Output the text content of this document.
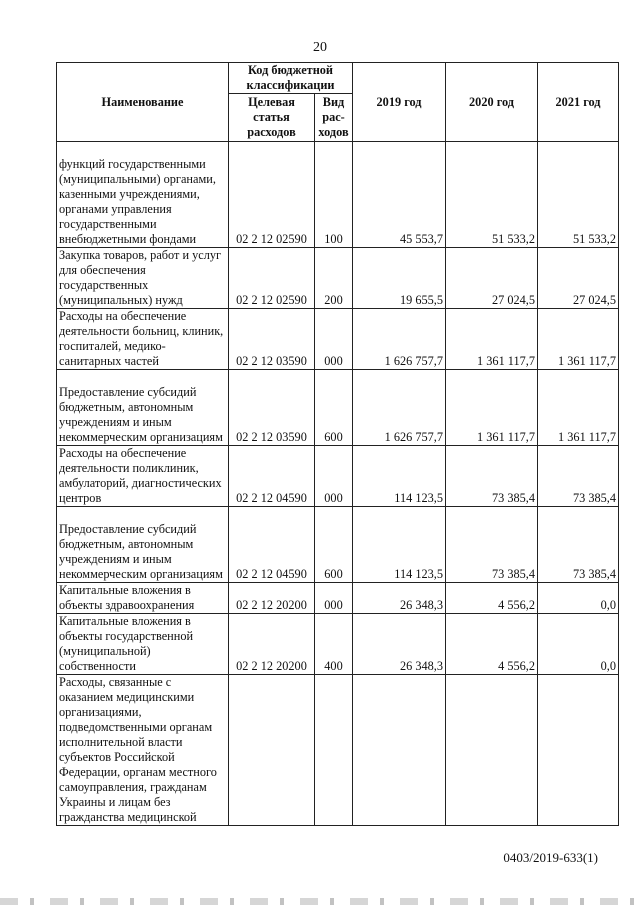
20
Наименование	Код бюджетной классификации		2019 год	2020 год	2021 год
	Целевая статья расходов	Вид рас-ходов			
функций государственными (муниципальными) органами, казенными учреждениями, органами управления государственными внебюджетными фондами	02 2 12 02590	100	45 553,7	51 533,2	51 533,2
Закупка товаров, работ и услуг для обеспечения государственных (муниципальных) нужд	02 2 12 02590	200	19 655,5	27 024,5	27 024,5
Расходы на обеспечение деятельности больниц, клиник, госпиталей, медико-санитарных частей	02 2 12 03590	000	1 626 757,7	1 361 117,7	1 361 117,7
Предоставление субсидий бюджетным, автономным учреждениям и иным некоммерческим организациям	02 2 12 03590	600	1 626 757,7	1 361 117,7	1 361 117,7
Расходы на обеспечение деятельности поликлиник, амбулаторий, диагностических центров	02 2 12 04590	000	114 123,5	73 385,4	73 385,4
Предоставление субсидий бюджетным, автономным учреждениям и иным некоммерческим организациям	02 2 12 04590	600	114 123,5	73 385,4	73 385,4
Капитальные вложения в объекты здравоохранения	02 2 12 20200	000	26 348,3	4 556,2	0,0
Капитальные вложения в объекты государственной (муниципальной) собственности	02 2 12 20200	400	26 348,3	4 556,2	0,0
Расходы, связанные с оказанием медицинскими организациями, подведомственными органам исполнительной власти субъектов Российской Федерации, органам местного самоуправления, гражданам Украины и лицам без гражданства медицинской					
0403/2019-633(1)
